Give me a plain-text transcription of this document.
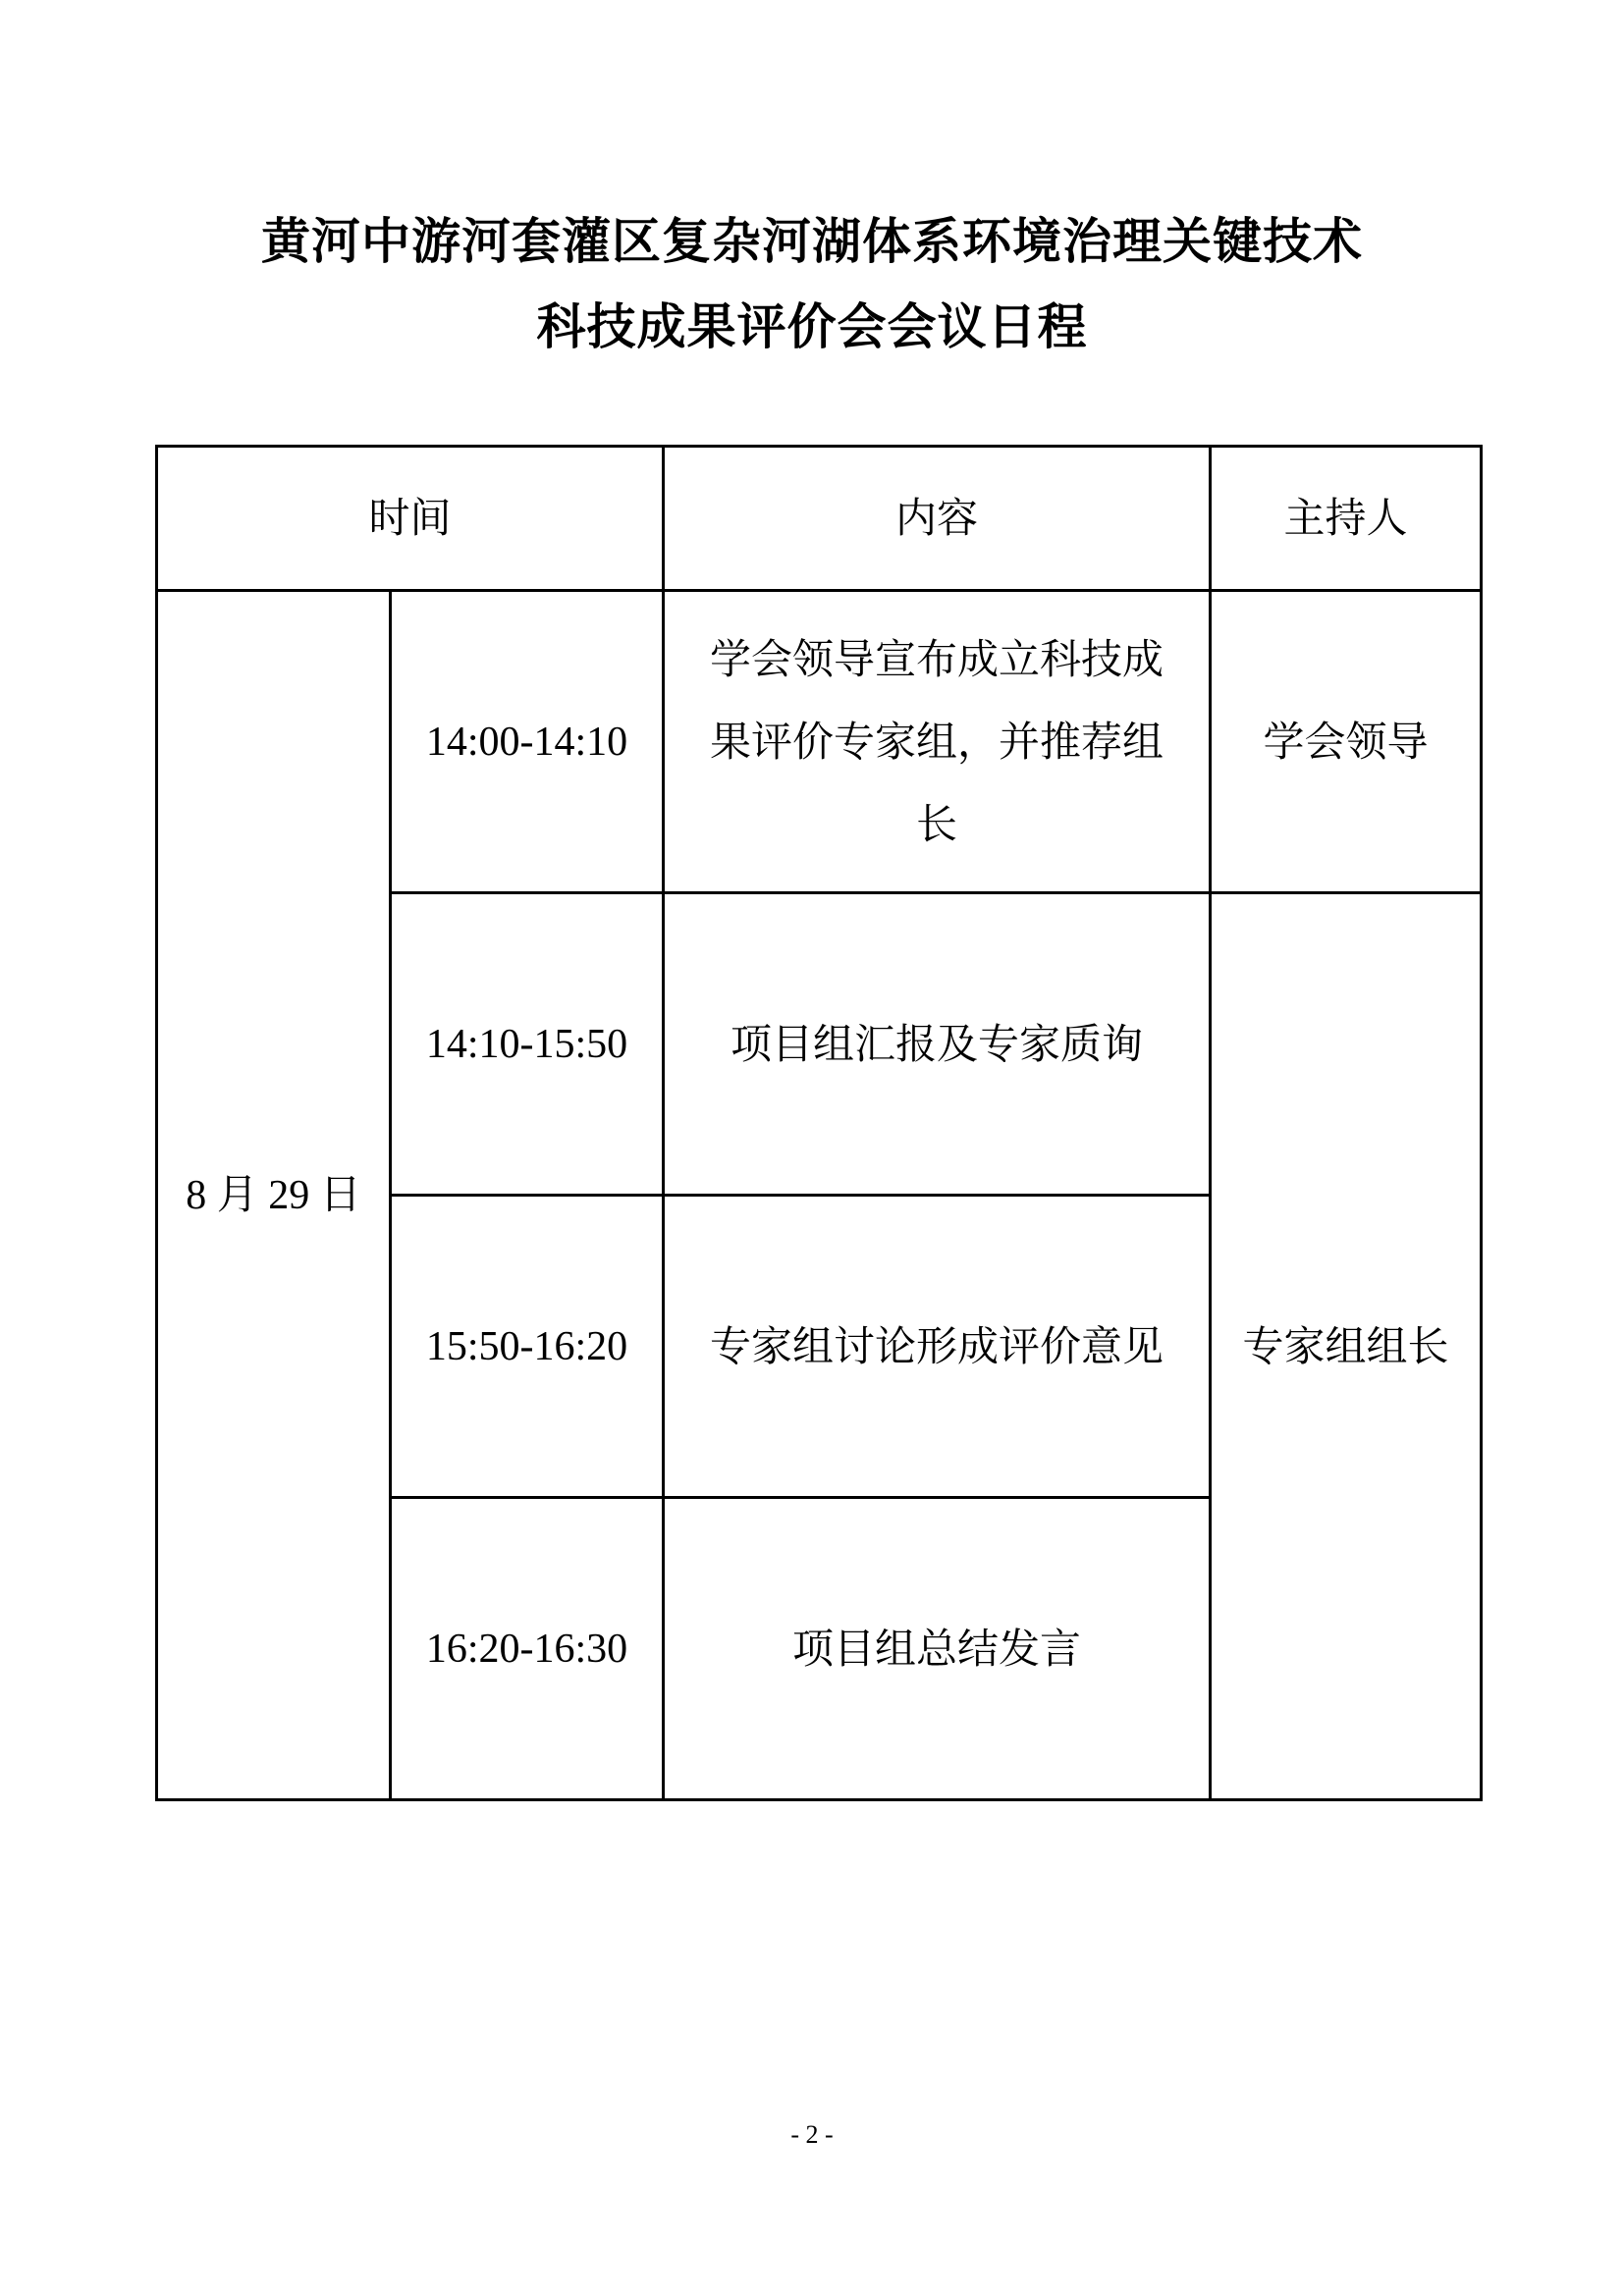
黄河中游河套灌区复杂河湖体系环境治理关键技术
科技成果评价会会议日程
时间		内容	主持人
8 月 29 日	14:00-14:10	学会领导宣布成立科技成果评价专家组，并推荐组长	学会领导
	14:10-15:50	项目组汇报及专家质询	专家组组长
	15:50-16:20	专家组讨论形成评价意见	
	16:20-16:30	项目组总结发言	
- 2 -
